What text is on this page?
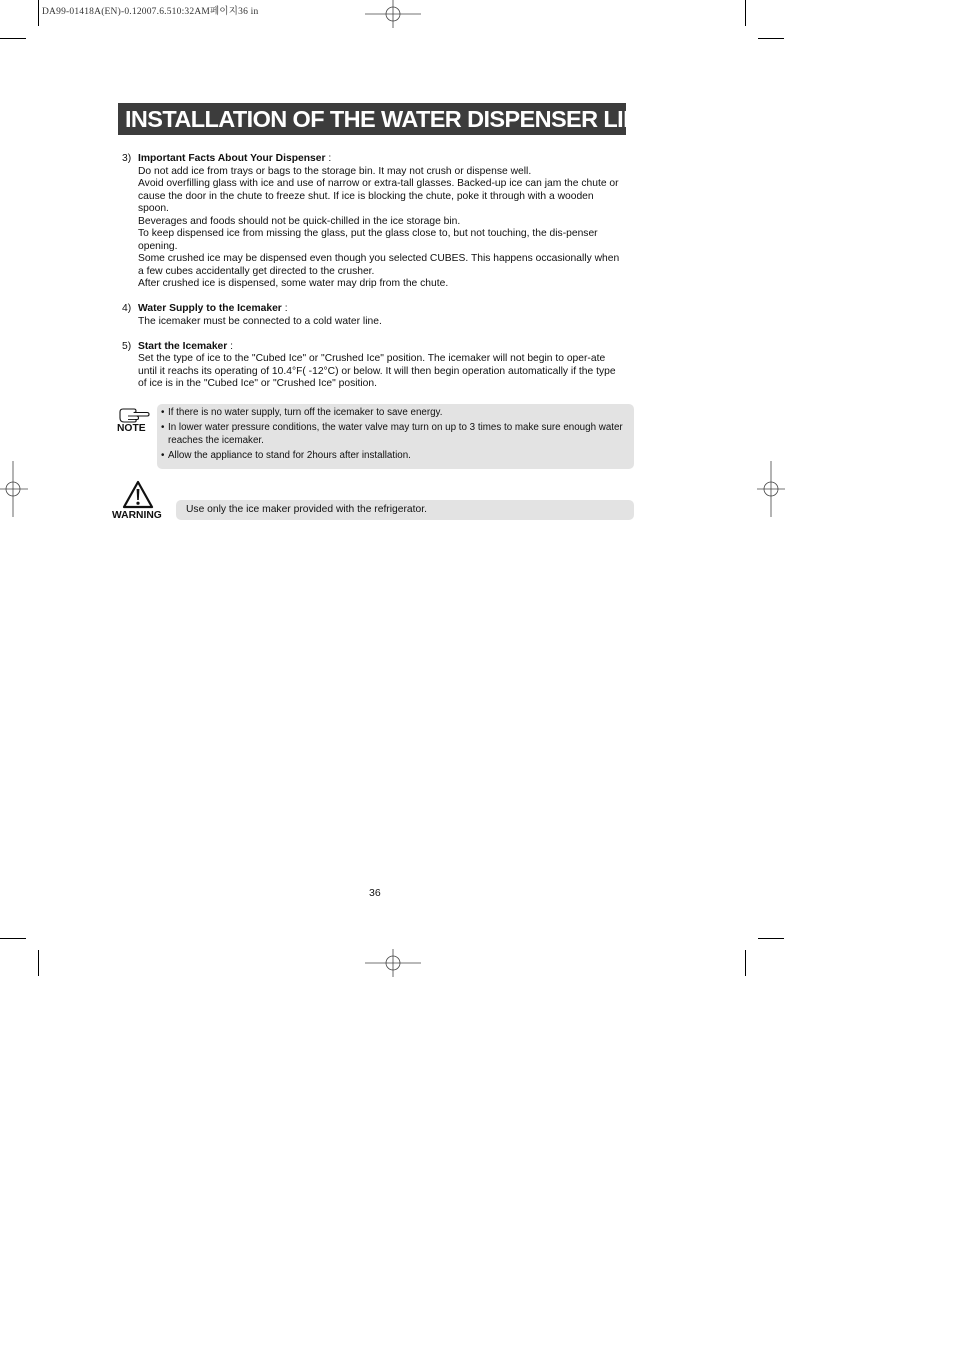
DA99-01418A(EN)-0.12007.6.510:32AM페이지36 in
INSTALLATION OF THE WATER DISPENSER LINE
3) Important Facts About Your Dispenser :

Do not add ice from trays or bags to the storage bin. It may not crush or dispense well.

Avoid overfilling glass with ice and use of narrow or extra-tall glasses. Backed-up ice can jam the chute or cause the door in the chute to freeze shut. If ice is blocking the chute, poke it through with a wooden spoon.

Beverages and foods should not be quick-chilled in the ice storage bin.

To keep dispensed ice from missing the glass, put the glass close to, but not touching, the dis-penser opening.

Some crushed ice may be dispensed even though you selected CUBES. This happens occasionally when a few cubes accidentally get directed to the crusher.

After crushed ice is dispensed, some water may drip from the chute.

4) Water Supply to the Icemaker :

The icemaker must be connected to a cold water line.

5) Start the Icemaker :

Set the type of ice to the "Cubed Ice" or "Crushed Ice" position. The icemaker will not begin to oper-ate until it reachs its operating of 10.4°F( -12°C) or below. It will then begin operation automatically if the type of ice is in the "Cubed Ice" or "Crushed Ice" position.

NOTE
• If there is no water supply, turn off the icemaker to save energy.
• In lower water pressure conditions, the water valve may turn on up to 3 times to make sure enough water reaches the icemaker.
• Allow the appliance to stand for 2hours after installation.
WARNING
Use only the ice maker provided with the refrigerator.
36
